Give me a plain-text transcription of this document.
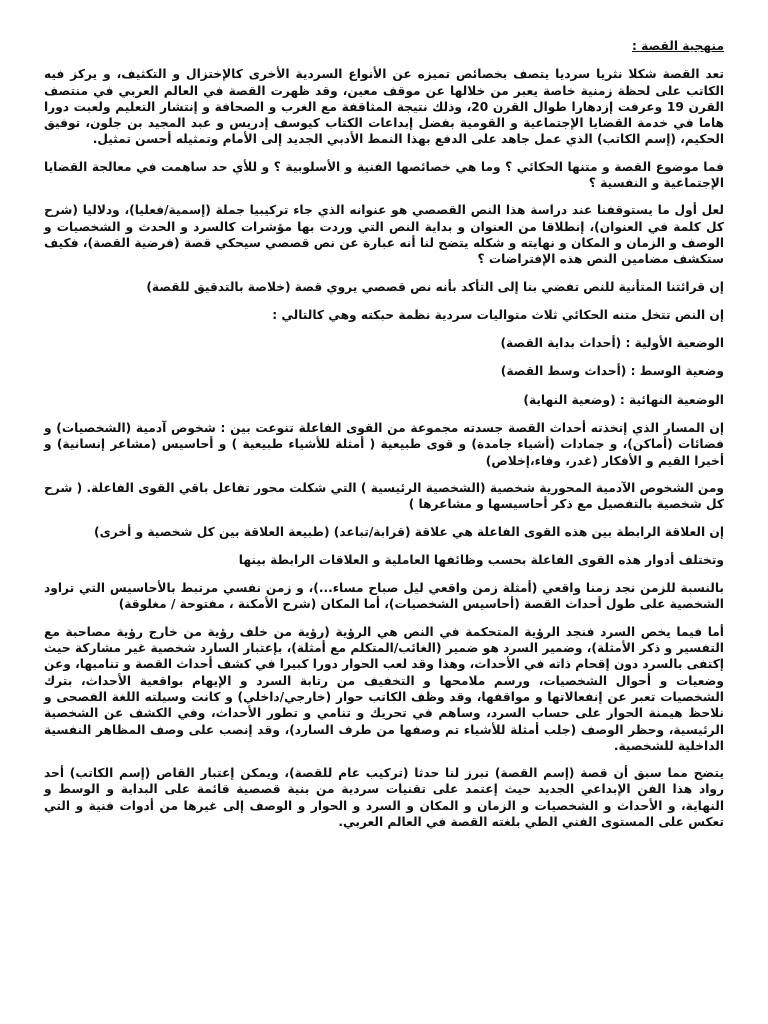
منهجية القصة :

تعد القصة شكلا نثريا سرديا يتصف بخصائص تميزه عن الأنواع السردية الأخرى كالإختزال و التكثيف، و يركز فيه الكاتب على لحظة زمنية خاصة يعبر من خلالها عن موقف معين، وقد ظهرت القصة في العالم العربي في منتصف القرن 19 وعرفت إزدهارا طوال القرن 20، وذلك نتيجة المثاقفة مع الغرب و الصحافة و إنتشار التعليم ولعبت دورا هاما في خدمة القضايا الإجتماعية و القومية بفضل إبداعات الكتاب كيوسف إدريس و عبد المجيد بن جلون، توفيق الحكيم، (إسم الكاتب) الذي عمل جاهد على الدفع بهذا النمط الأدبي الجديد إلى الأمام وتمثيله أحسن تمثيل.

فما موضوع القصة و متنها الحكائي ؟ وما هي خصائصها الفنية و الأسلوبية ؟ و للأي حد ساهمت في معالجة القضايا الإجتماعية و النفسية ؟

لعل أول ما يستوقفنا عند دراسة هذا النص القصصي هو عنوانه الذي جاء تركيبيا جملة (إسمية/فعليا)، ودلاليا (شرح كل كلمة في العنوان)، إنطلاقا من العنوان و بداية النص التي وردت بها مؤشرات كالسرد و الحدث و الشخصيات و الوصف و الزمان و المكان و نهايته و شكله يتضح لنا أنه عبارة عن نص قصصي سيحكي قصة (فرضية القصة)، فكيف ستكشف مضامين النص هذه الإفتراضات ؟

إن قرائتنا المتأنية للنص تفضي بنا إلى التأكد بأنه نص قصصي يروي قصة (خلاصة بالتدقيق للقصة)

إن النص تتخل متنه الحكائي ثلاث متواليات سردية نظمة حبكته وهي كالتالي :

الوضعية الأولية : (أحداث بداية القصة)

وضعية الوسط : (أحداث وسط القصة)

الوضعية النهائية : (وضعية النهاية)

إن المسار الذي إتخذته أحداث القصة جسدته مجموعة من القوى الفاعلة تنوعت بين : شخوص آدمية (الشخصيات) و فضائات (أماكن)، و جمادات (أشياء جامدة) و قوى طبيعية ( أمثلة للأشياء طبيعية ) و أحاسيس (مشاعر إنسانية) و أخيرا القيم و الأفكار (غدر، وفاء،إخلاص)

ومن الشخوص الآدمية المحورية شخصية (الشخصية الرئيسية ) التي شكلت محور تفاعل باقي القوى الفاعلة. ( شرح كل شخصية بالتفصيل مع ذكر أحاسيسها و مشاعرها )

إن العلاقة الرابطة بين هذه القوى الفاعلة هي علاقة (قرابة/تباعد) (طبيعة العلاقة بين كل شخصية و أخرى)

وتختلف أدوار هذه القوى الفاعلة بحسب وظائفها العاملية و العلاقات الرابطة بينها

بالنسبة للزمن نجد زمنا واقعي (أمثلة زمن واقعي ليل صباح مساء...)، و زمن نفسي مرتبط بالأحاسيس التي تراود الشخصية على طول أحداث القصة (أحاسيس الشخصيات)، أما المكان (شرح الأمكنة ، مفتوحة / مغلوقة)

أما فيما يخص السرد فنجد الرؤية المتحكمة في النص هي الرؤية (رؤية من خلف رؤية من خارج رؤية مصاحبة مع التفسير و ذكر الأمثلة)، وضمير السرد هو ضمير (الغائب/المتكلم مع أمثلة)، بإعتبار السارد شخصية غير مشاركة حيث إكتفى بالسرد دون إقحام ذاته في الأحداث، وهذا وقد لعب الحوار دورا كبيرا في كشف أحداث القصة و تناميها، وعن وضعيات و أحوال الشخصيات، ورسم ملامحها و التخفيف من رتابة السرد و الإيهام بواقعية الأحداث، بترك الشخصيات تعبر عن إنفعالاتها و مواقفها، وقد وظف الكاتب حوار (خارجي/داخلي) و كانت وسيلته اللغة الفصحى و نلاحظ هيمنة الحوار على حساب السرد، وساهم في تحريك و تنامي و تطور الأحداث، وفي الكشف عن الشخصية الرئيسية، وحظر الوصف (جلب أمثلة للأشياء تم وصفها من طرف السارد)، وقد إنصب على وصف المظاهر النفسية الداخلية للشخصية.

يتضح مما سبق أن قصة (إسم القصة) تبرز لنا حدثا (تركيب عام للقصة)، ويمكن إعتبار القاص (إسم الكاتب) أحد رواد هذا الفن الإبداعي الجديد حيث إعتمد على تقنيات سردية من بنية قصصية قائمة على البداية و الوسط و النهاية، و الأحداث و الشخصيات و الزمان و المكان و السرد و الحوار و الوصف إلى غيرها من أدوات فنية و التي تعكس على المستوى الفني الطي بلغته القصة في العالم العربي.
